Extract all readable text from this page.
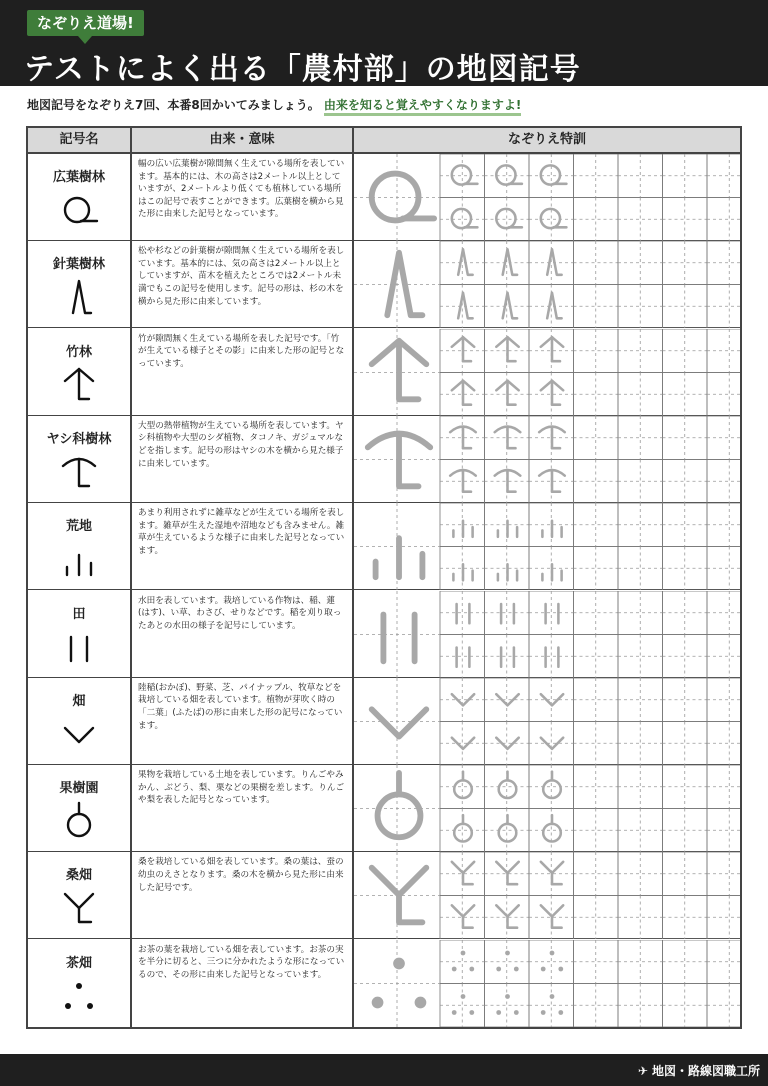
なぞりえ道場!
テストによく出る「農村部」の地図記号
地図記号をなぞりえ7回、本番8回かいてみましょう。 由来を知ると覚えやすくなりますよ!
記号名	由来・意味	なぞりえ特訓
広葉樹林
幅の広い広葉樹が隙間無く生えている場所を表しています。基本的には、木の高さは2メートル以上としていますが、2メートルより低くても植林している場所はこの記号で表すことができます。広葉樹を横から見た形に由来した記号となっています。
針葉樹林
松や杉などの針葉樹が隙間無く生えている場所を表しています。基本的には、気の高さは2メートル以上としていますが、苗木を植えたところでは2メートル未満でもこの記号を使用します。記号の形は、杉の木を横から見た形に由来しています。
竹林
竹が隙間無く生えている場所を表した記号です。「竹が生えている様子とその影」に由来した形の記号となっています。
ヤシ科樹林
大型の熱帯植物が生えている場所を表しています。ヤシ科植物や大型のシダ植物、タコノキ、ガジュマルなどを指します。記号の形はヤシの木を横から見た様子に由来しています。
荒地
あまり利用されずに雑草などが生えている場所を表します。雑草が生えた湿地や沼地なども含みません。雑草が生えているような様子に由来した記号となっています。
田
水田を表しています。栽培している作物は、稲、蓮(はす)、い草、わさび、せりなどです。稲を刈り取ったあとの水田の様子を記号にしています。
畑
陸稲(おかぼ)、野菜、芝、パイナップル、牧草などを栽培している畑を表しています。植物が芽吹く時の「二葉」(ふたば)の形に由来した形の記号になっています。
果樹園
果物を栽培している土地を表しています。りんごやみかん、ぶどう、梨、栗などの果樹を差します。りんごや梨を表した記号となっています。
桑畑
桑を栽培している畑を表しています。桑の葉は、蚕の幼虫のえさとなります。桑の木を横から見た形に由来した記号です。
茶畑
お茶の葉を栽培している畑を表しています。お茶の実を半分に切ると、三つに分かれたような形になっているので、その形に由来した記号となっています。
✈ 地図・路線図職工所
